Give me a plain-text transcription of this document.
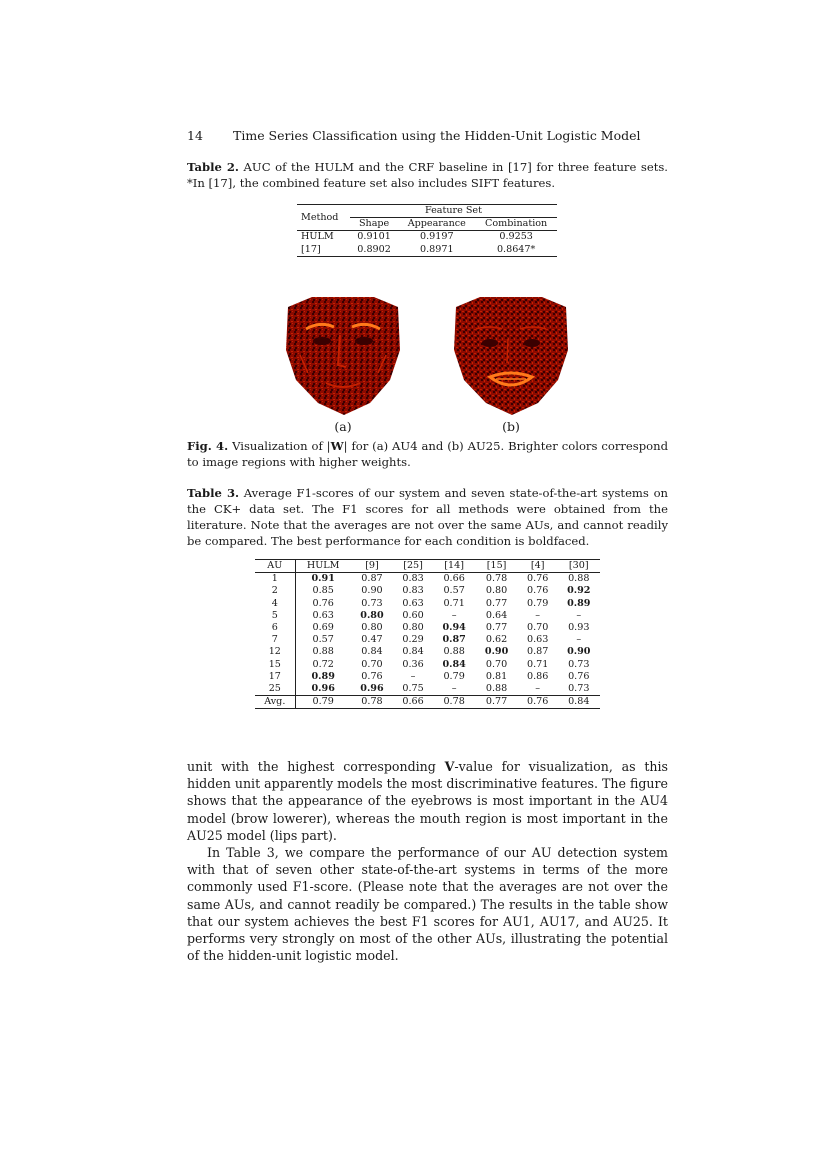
14 Time Series Classification using the Hidden-Unit Logistic Model
Table 2. AUC of the HULM and the CRF baseline in [17] for three feature sets. *In [17], the combined feature set also includes SIFT features.
Method	Feature Set		
	Shape	Appearance	Combination
HULM	0.9101	0.9197	0.9253
[17]	0.8902	0.8971	0.8647*
(a)	(b)
Fig. 4. Visualization of |W| for (a) AU4 and (b) AU25. Brighter colors correspond to image regions with higher weights.
Table 3. Average F1-scores of our system and seven state-of-the-art systems on the CK+ data set. The F1 scores for all methods were obtained from the literature. Note that the averages are not over the same AUs, and cannot readily be compared. The best performance for each condition is boldfaced.
AU	HULM	[9]	[25]	[14]	[15]	[4]	[30]
1	0.91	0.87	0.83	0.66	0.78	0.76	0.88
2	0.85	0.90	0.83	0.57	0.80	0.76	0.92
4	0.76	0.73	0.63	0.71	0.77	0.79	0.89
5	0.63	0.80	0.60	–	0.64	–	–
6	0.69	0.80	0.80	0.94	0.77	0.70	0.93
7	0.57	0.47	0.29	0.87	0.62	0.63	–
12	0.88	0.84	0.84	0.88	0.90	0.87	0.90
15	0.72	0.70	0.36	0.84	0.70	0.71	0.73
17	0.89	0.76	–	0.79	0.81	0.86	0.76
25	0.96	0.96	0.75	–	0.88	–	0.73
Avg.	0.79	0.78	0.66	0.78	0.77	0.76	0.84

unit with the highest corresponding V-value for visualization, as this hidden unit apparently models the most discriminative features. The figure shows that the appearance of the eyebrows is most important in the AU4 model (brow lowerer), whereas the mouth region is most important in the AU25 model (lips part).

In Table 3, we compare the performance of our AU detection system with that of seven other state-of-the-art systems in terms of the more commonly used F1-score. (Please note that the averages are not over the same AUs, and cannot readily be compared.) The results in the table show that our system achieves the best F1 scores for AU1, AU17, and AU25. It performs very strongly on most of the other AUs, illustrating the potential of the hidden-unit logistic model.
